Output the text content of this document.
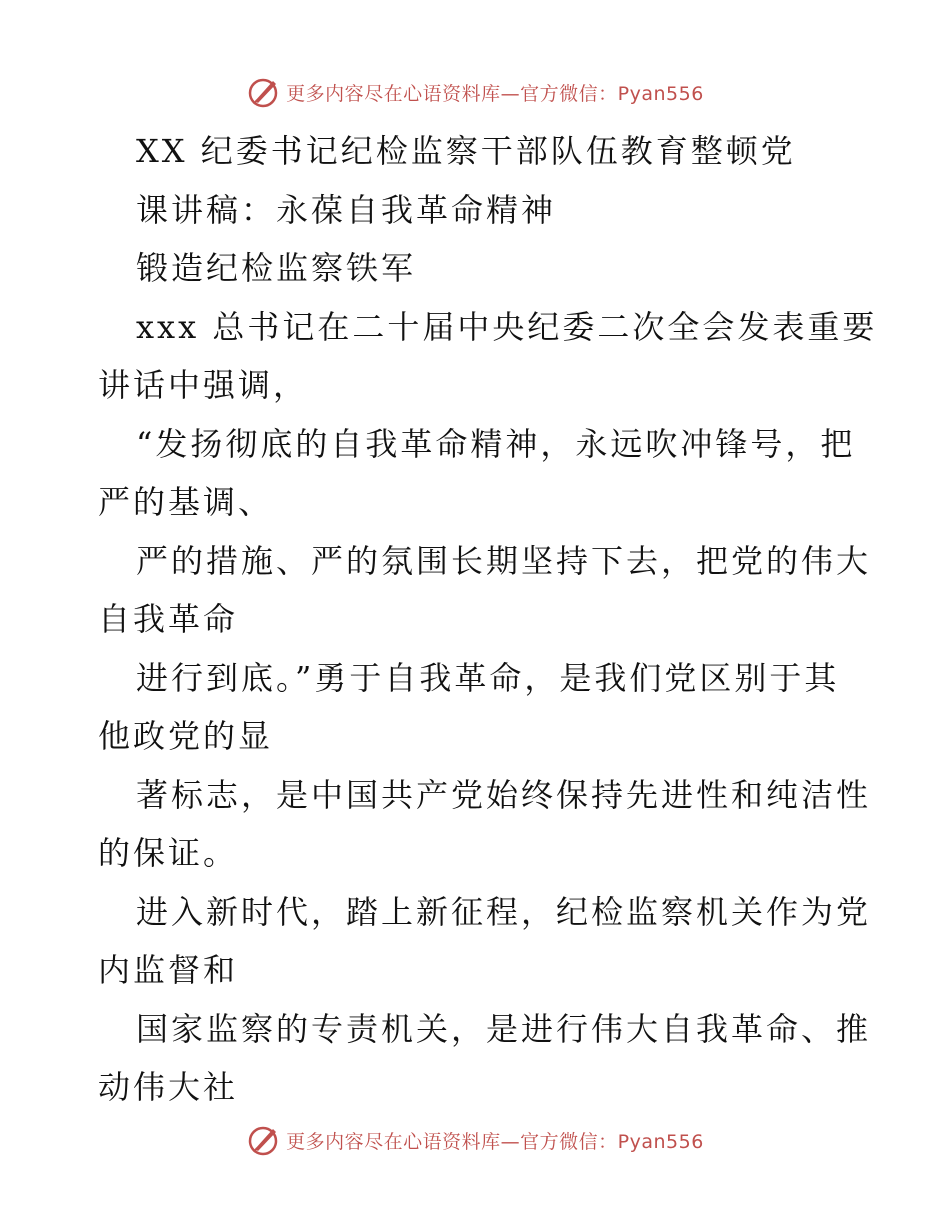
更多内容尽在心语资料库—官方微信：Pyan556
XX 纪委书记纪检监察干部队伍教育整顿党
课讲稿：永葆自我革命精神
锻造纪检监察铁军
xxx 总书记在二十届中央纪委二次全会发表重要
讲话中强调，
“发扬彻底的自我革命精神，永远吹冲锋号，把
严的基调、
严的措施、严的氛围长期坚持下去，把党的伟大
自我革命
进行到底。”勇于自我革命，是我们党区别于其
他政党的显
著标志，是中国共产党始终保持先进性和纯洁性
的保证。
进入新时代，踏上新征程，纪检监察机关作为党
内监督和
国家监察的专责机关，是进行伟大自我革命、推
动伟大社
更多内容尽在心语资料库—官方微信：Pyan556
